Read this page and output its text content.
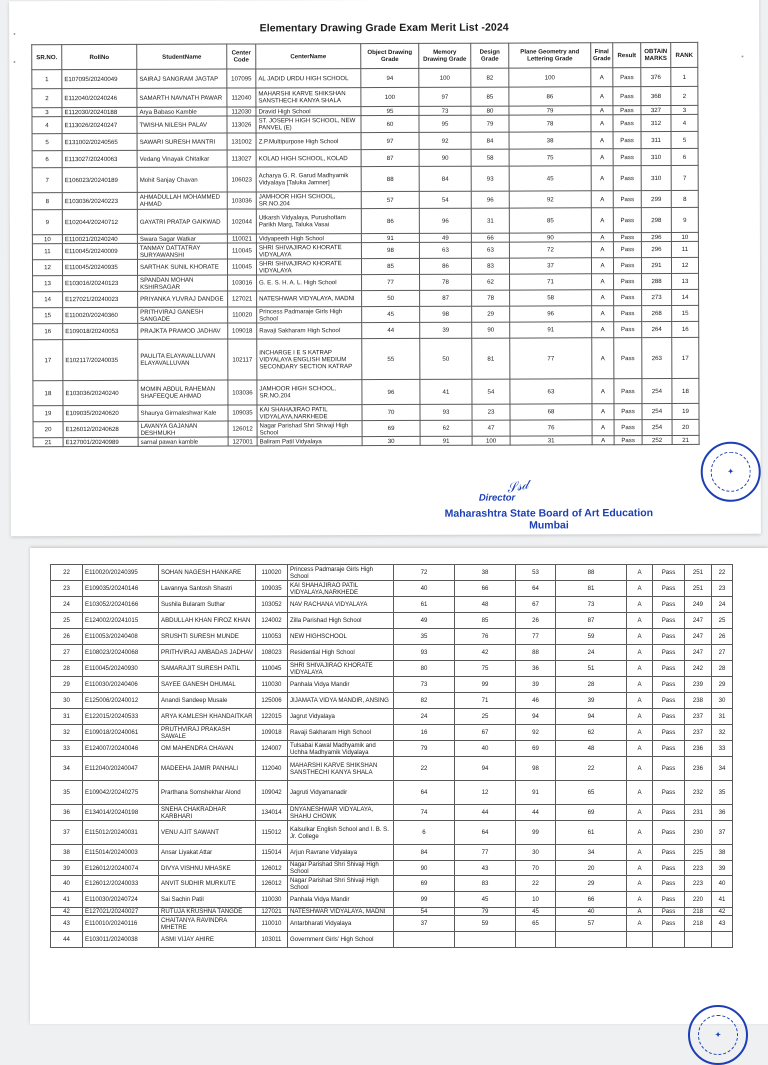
•
•
•
Elementary Drawing Grade Exam Merit List -2024
SR.NO.	RollNo	StudentName	Center Code	CenterName	Object Drawing Grade	Memory Drawing Grade	Design Grade	Plane Geometry and Lettering Grade	Final Grade	Result	OBTAIN MARKS	RANK
1	E107095/20240049	SAIRAJ SANGRAM JAGTAP	107095	AL JADID URDU HIGH SCHOOL	94	100	82	100	A	Pass	376	1
2	E112040/20240246	SAMARTH NAVNATH PAWAR	112040	MAHARSHI KARVE SHIKSHAN SANSTHECHI KANYA SHALA	100	97	85	86	A	Pass	368	2
3	E112030/20240188	Arya Babaso Kamble	112030	Dravid High School	95	73	80	79	A	Pass	327	3
4	E113026/20240247	TWISHA NILESH PALAV	113026	ST. JOSEPH HIGH SCHOOL, NEW PANVEL (E)	60	95	79	78	A	Pass	312	4
5	E131002/20240565	SAWARI SURESH MANTRI	131002	Z.P.Multipurpose High School	97	92	84	38	A	Pass	311	5
6	E113027/20240063	Vedang Vinayak Chitalkar	113027	KOLAD HIGH SCHOOL, KOLAD	87	90	58	75	A	Pass	310	6
7	E106023/20240189	Mohit Sanjay Chavan	106023	Acharya G. R. Garud Madhyamik Vidyalaya [Taluka Jamner]	88	84	93	45	A	Pass	310	7
8	E103036/20240223	AHMADULLAH MOHAMMED AHMAD	103036	JAMHOOR HIGH SCHOOL, SR.NO.204	57	54	96	92	A	Pass	299	8
9	E102044/20240712	GAYATRI PRATAP GAIKWAD	102044	Utkarsh Vidyalaya, Purushottam Parikh Marg, Taluka Vasai	86	96	31	85	A	Pass	298	9
10	E110021/20240240	Swara Sagar Watkar	110021	Vidyapeeth High School	91	49	66	90	A	Pass	296	10
11	E110045/20240009	TANMAY DATTATRAY SURYAWANSHI	110045	SHRI SHIVAJIRAO KHORATE VIDYALAYA	98	63	63	72	A	Pass	296	11
12	E110045/20240935	SARTHAK SUNIL KHORATE	110045	SHRI SHIVAJIRAO KHORATE VIDYALAYA	85	86	83	37	A	Pass	291	12
13	E103016/20240123	SPANDAN MOHAN KSHIRSAGAR	103016	G. E. S. H. A. L. High School	77	78	62	71	A	Pass	288	13
14	E127021/20240023	PRIYANKA YUVRAJ DANDGE	127021	NATESHWAR VIDYALAYA, MADNI	50	87	78	58	A	Pass	273	14
15	E110020/20240360	PRITHVIRAJ GANESH SANGADE	110020	Princess Padmaraje Girls High School	45	98	29	96	A	Pass	268	15
16	E109018/20240053	PRAJKTA PRAMOD JADHAV	109018	Ravaji Sakharam High School	44	39	90	91	A	Pass	264	16
17	E102117/20240035	PAULITA ELAYAVALLUVAN ELAYAVALLUVAN	102117	INCHARGE I E S KATRAP VIDYALAYA ENGLISH MEDIUM SECONDARY SECTION KATRAP	55	50	81	77	A	Pass	263	17
18	E103036/20240240	MOMIN ABDUL RAHEMAN SHAFEEQUE AHMAD	103036	JAMHOOR HIGH SCHOOL, SR.NO.204	96	41	54	63	A	Pass	254	18
19	E109035/20240620	Shaurya Girmaleshwar Kale	109035	KAI SHAHAJIRAO PATIL VIDYALAYA,NARKHEDE	70	93	23	68	A	Pass	254	19
20	E126012/20240628	LAVANYA GAJANAN DESHMUKH	126012	Nagar Parishad Shri Shivaji High School	69	62	47	76	A	Pass	254	20
21	E127001/20240989	sarnal pawan kamble	127001	Baliram Patil Vidyalaya	30	91	100	31	A	Pass	252	21
𝒮𝓈𝒹
Director
Maharashtra State Board of Art Education
Mumbai
✦
22	E110020/20240395	SOHAN NAGESH HANKARE	110020	Princess Padmaraje Girls High School	72	38	53	88	A	Pass	251	22
23	E109035/20240146	Lavannya Santosh Shastri	109035	KAI SHAHAJIRAO PATIL VIDYALAYA,NARKHEDE	40	66	64	81	A	Pass	251	23
24	E103052/20240166	Sushila Bularam Suthar	103052	NAV RACHANA VIDYALAYA	61	48	67	73	A	Pass	249	24
25	E124002/20241015	ABDULLAH KHAN FIROZ KHAN	124002	Zilla Parishad High School	49	85	26	87	A	Pass	247	25
26	E110053/20240408	SRUSHTI SURESH MUNDE	110053	NEW HIGHSCHOOL	35	76	77	59	A	Pass	247	26
27	E108023/20240068	PRITHVIRAJ AMBADAS JADHAV	108023	Residential High School	93	42	88	24	A	Pass	247	27
28	E110045/20240930	SAMARAJIT SURESH PATIL	110045	SHRI SHIVAJIRAO KHORATE VIDYALAYA	80	75	36	51	A	Pass	242	28
29	E110030/20240406	SAYEE GANESH DHUMAL	110030	Panhala Vidya Mandir	73	99	39	28	A	Pass	239	29
30	E125006/20240012	Anandi Sandeep Musale	125006	JIJAMATA VIDYA MANDIR, ANSING	82	71	46	39	A	Pass	238	30
31	E122015/20240533	ARYA KAMLESH KHANDAITKAR	122015	Jagrut Vidyalaya	24	25	94	94	A	Pass	237	31
32	E109018/20240061	PRUTHVIRAJ PRAKASH SAWALE	109018	Ravaji Sakharam High School	16	67	92	62	A	Pass	237	32
33	E124007/20240046	OM MAHENDRA CHAVAN	124007	Tulsabai Kawal Madhyamik and Uchha Madhyamik Vidyalaya	79	40	69	48	A	Pass	236	33
34	E112040/20240047	MADEEHA JAMIR PANHALI	112040	MAHARSHI KARVE SHIKSHAN SANSTHECHI KANYA SHALA	22	94	98	22	A	Pass	236	34
35	E109042/20240275	Prarthana Somshekhar Alond	109042	Jagruti Vidyamanadir	64	12	91	65	A	Pass	232	35
36	E134014/20240198	SNEHA CHAKRADHAR KARBHARI	134014	DNYANESHWAR VIDYALAYA, SHAHU CHOWK	74	44	44	69	A	Pass	231	36
37	E115012/20240031	VENU AJIT SAWANT	115012	Kalsulkar English School and I. B. S. Jr. College	6	64	99	61	A	Pass	230	37
38	E115014/20240003	Ansar Liyakat Attar	115014	Arjun Ravrane Vidyalaya	84	77	30	34	A	Pass	225	38
39	E126012/20240074	DIVYA VISHNU MHASKE	126012	Nagar Parishad Shri Shivaji High School	90	43	70	20	A	Pass	223	39
40	E126012/20240033	ANVIT SUDHIR MURKUTE	126012	Nagar Parishad Shri Shivaji High School	69	83	22	29	A	Pass	223	40
41	E110030/20240724	Sai Sachin Patil	110030	Panhala Vidya Mandir	99	45	10	66	A	Pass	220	41
42	E127021/20240027	RUTUJA KRUSHNA TANGDE	127021	NATESHWAR VIDYALAYA, MADNI	54	79	45	40	A	Pass	218	42
43	E110010/20240116	CHAITANYA RAVINDRA MHETRE	110010	Antarbharati Vidyalaya	37	59	65	57	A	Pass	218	43
44	E103011/20240038	ASMI VIJAY AHIRE	103011	Government Girls' High School								
✦
